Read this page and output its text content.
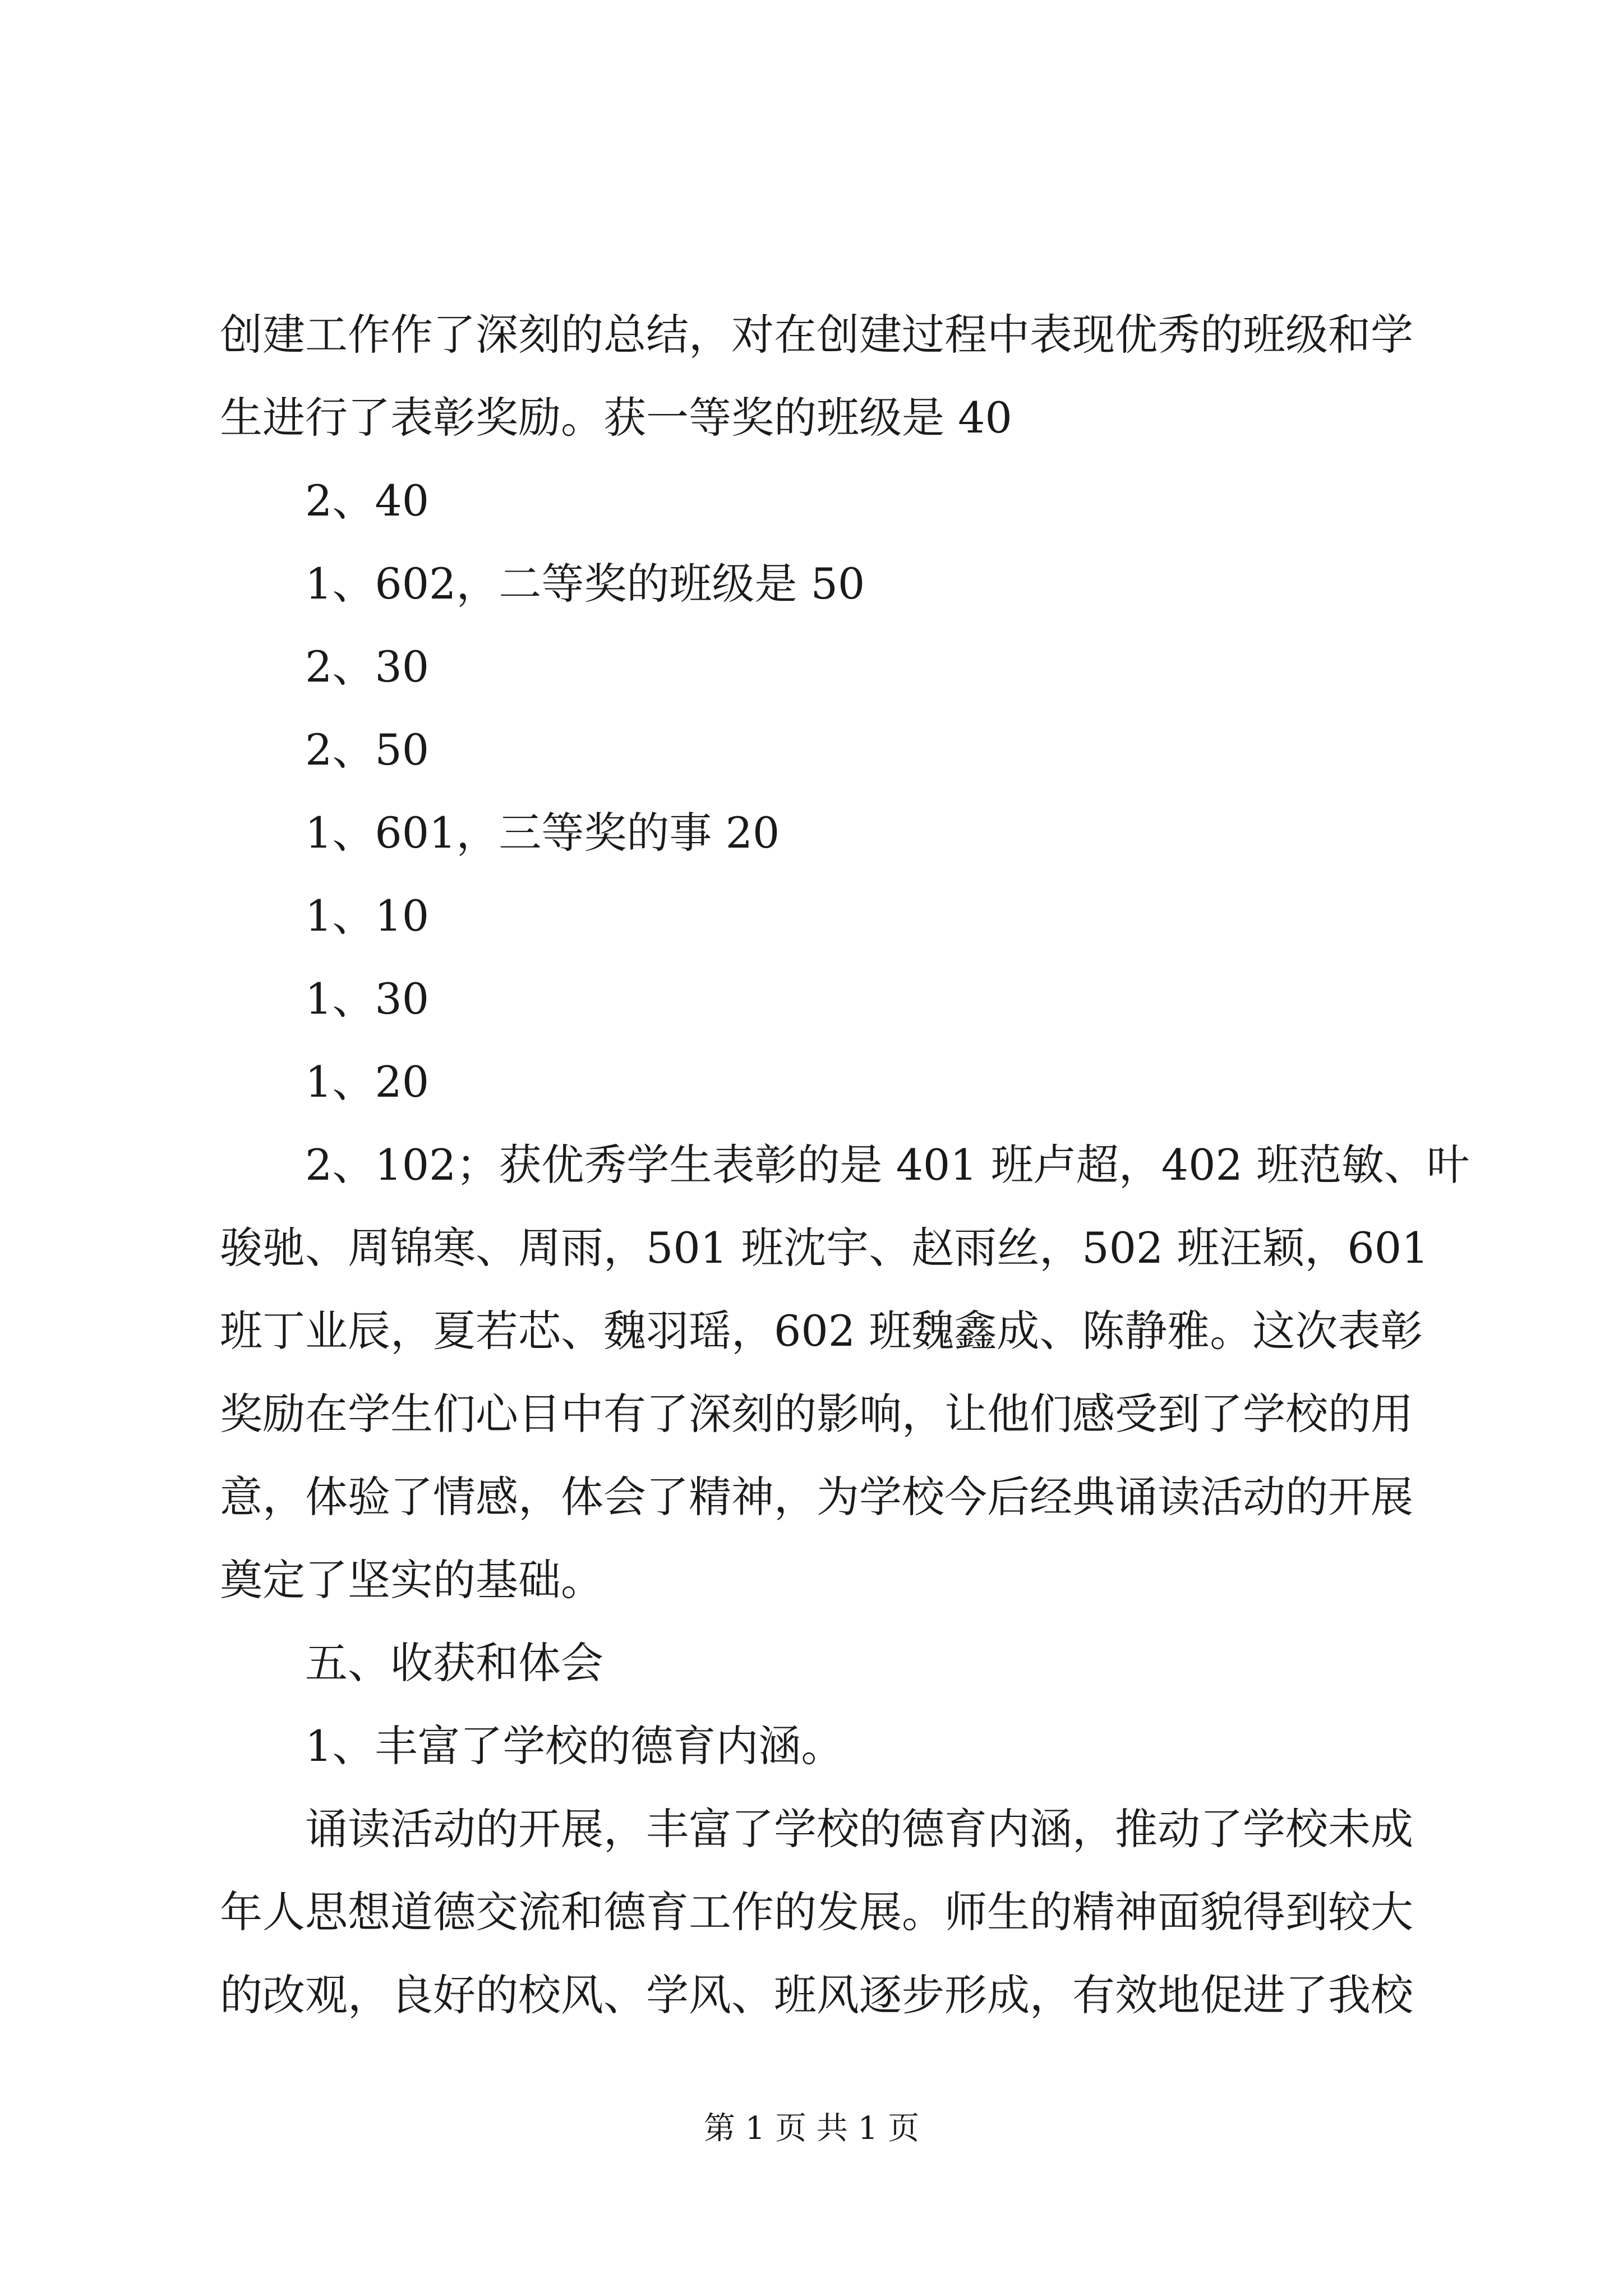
创建工作作了深刻的总结，对在创建过程中表现优秀的班级和学
生进行了表彰奖励。获一等奖的班级是 40
2、40
1、602，二等奖的班级是 50
2、30
2、50
1、601，三等奖的事 20
1、10
1、30
1、20
2、102；获优秀学生表彰的是 401 班卢超，402 班范敏、叶
骏驰、周锦寒、周雨，501 班沈宇、赵雨丝，502 班汪颖，601
班丁业辰，夏若芯、魏羽瑶，602 班魏鑫成、陈静雅。这次表彰
奖励在学生们心目中有了深刻的影响，让他们感受到了学校的用
意，体验了情感，体会了精神，为学校今后经典诵读活动的开展
奠定了坚实的基础。
五、收获和体会
1、丰富了学校的德育内涵。
诵读活动的开展，丰富了学校的德育内涵，推动了学校未成
年人思想道德交流和德育工作的发展。师生的精神面貌得到较大
的改观，良好的校风、学风、班风逐步形成，有效地促进了我校
第 1 页 共 1 页
